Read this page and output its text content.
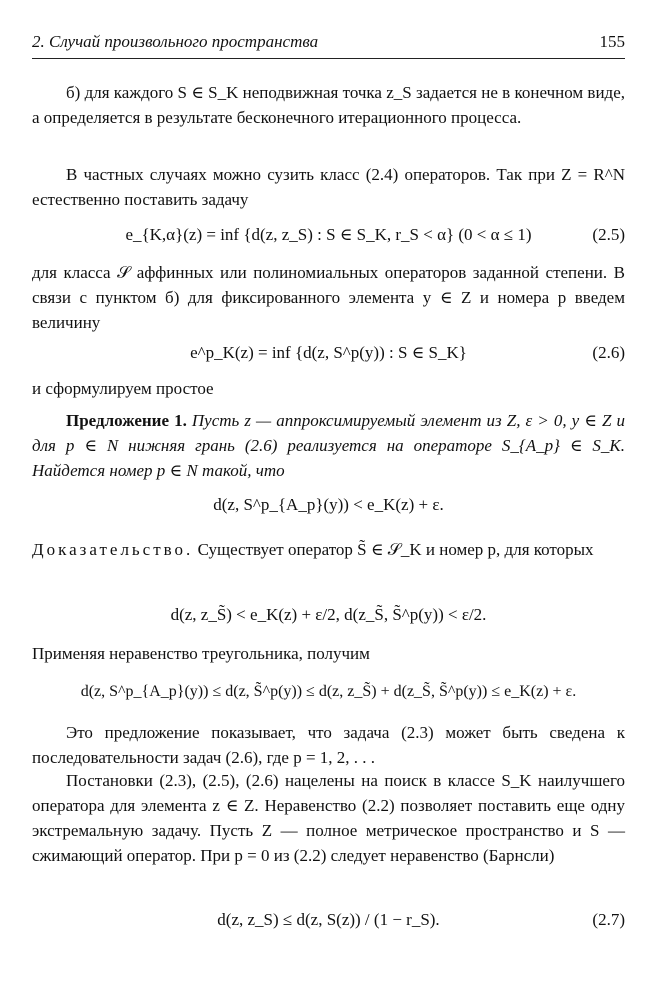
2. Случай произвольного пространства	155
б) для каждого S ∈ S_K неподвижная точка z_S задается не в конечном виде, а определяется в результате бесконечного итерационного процесса.
В частных случаях можно сузить класс (2.4) операторов. Так при Z = R^N естественно поставить задачу
e_{K,α}(z) = inf {d(z, z_S) : S ∈ S_K, r_S < α} (0 < α ≤ 1)	(2.5)
для класса 𝒮 аффинных или полиномиальных операторов заданной степени. В связи с пунктом б) для фиксированного элемента y ∈ Z и номера p введем величину
e^p_K(z) = inf {d(z, S^p(y)) : S ∈ S_K}	(2.6)
и сформулируем простое
Предложение 1. Пусть z — аппроксимируемый элемент из Z, ε > 0, y ∈ Z и для p ∈ N нижняя грань (2.6) реализуется на операторе S_{A_p} ∈ S_K. Найдется номер p ∈ N такой, что
d(z, S^p_{A_p}(y)) < e_K(z) + ε.
Доказательство. Существует оператор S̃ ∈ 𝒮_K и номер p, для которых
d(z, z_S̃) < e_K(z) + ε/2, d(z_S̃, S̃^p(y)) < ε/2.
Применяя неравенство треугольника, получим
d(z, S^p_{A_p}(y)) ≤ d(z, S̃^p(y)) ≤ d(z, z_S̃) + d(z_S̃, S̃^p(y)) ≤ e_K(z) + ε.
Это предложение показывает, что задача (2.3) может быть сведена к последовательности задач (2.6), где p = 1, 2, . . .
Постановки (2.3), (2.5), (2.6) нацелены на поиск в классе S_K наилучшего оператора для элемента z ∈ Z. Неравенство (2.2) позволяет поставить еще одну экстремальную задачу. Пусть Z — полное метрическое пространство и S — сжимающий оператор. При p = 0 из (2.2) следует неравенство (Барнсли)
d(z, z_S) ≤ d(z, S(z)) / (1 − r_S).	(2.7)
